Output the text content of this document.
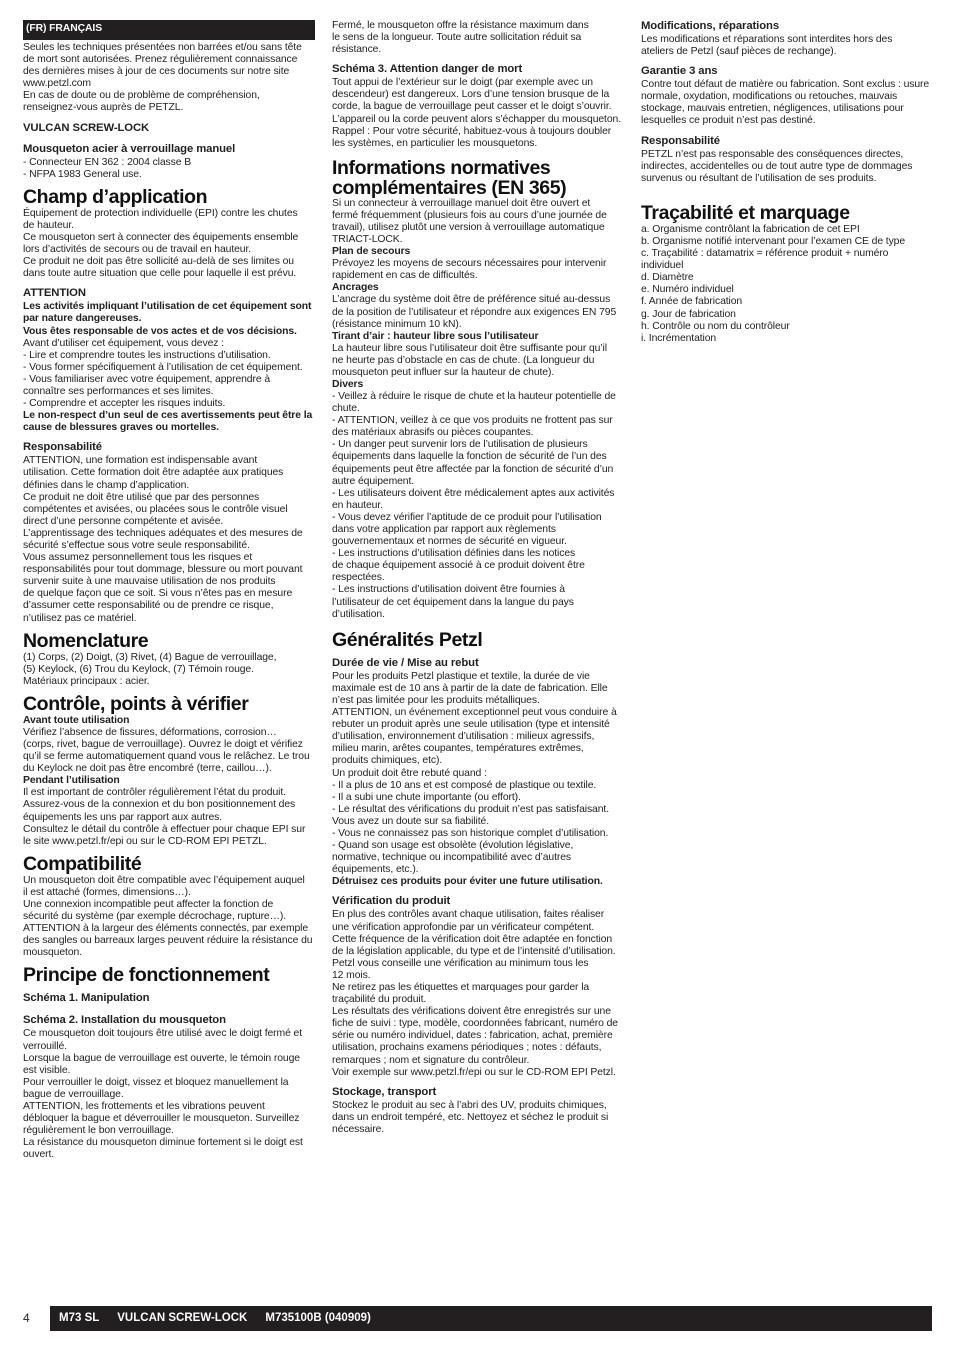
(FR) FRANÇAIS

Seules les techniques présentées non barrées et/ou sans tête
de mort sont autorisées. Prenez régulièrement connaissance
des dernières mises à jour de ces documents sur notre site
www.petzl.com
En cas de doute ou de problème de compréhension,
renseignez-vous auprès de PETZL.

VULCAN SCREW-LOCK
Mousqueton acier à verrouillage manuel

- Connecteur EN 362 : 2004 classe B
- NFPA 1983 General use.

Champ d’application

Équipement de protection individuelle (EPI) contre les chutes
de hauteur.
Ce mousqueton sert à connecter des équipements ensemble
lors d’activités de secours ou de travail en hauteur.
Ce produit ne doit pas être sollicité au-delà de ses limites ou
dans toute autre situation que celle pour laquelle il est prévu.

ATTENTION

Les activités impliquant l’utilisation de cet équipement sont
par nature dangereuses.

Vous êtes responsable de vos actes et de vos décisions.

Avant d’utiliser cet équipement, vous devez :
- Lire et comprendre toutes les instructions d’utilisation.
- Vous former spécifiquement à l’utilisation de cet équipement.
- Vous familiariser avec votre équipement, apprendre à
connaître ses performances et ses limites.
- Comprendre et accepter les risques induits.

Le non-respect d’un seul de ces avertissements peut être la
cause de blessures graves ou mortelles.

Responsabilité

ATTENTION, une formation est indispensable avant
utilisation. Cette formation doit être adaptée aux pratiques
définies dans le champ d’application.
Ce produit ne doit être utilisé que par des personnes
compétentes et avisées, ou placées sous le contrôle visuel
direct d’une personne compétente et avisée.
L’apprentissage des techniques adéquates et des mesures de
sécurité s’effectue sous votre seule responsabilité.
Vous assumez personnellement tous les risques et
responsabilités pour tout dommage, blessure ou mort pouvant
survenir suite à une mauvaise utilisation de nos produits
de quelque façon que ce soit. Si vous n’êtes pas en mesure
d’assumer cette responsabilité ou de prendre ce risque,
n’utilisez pas ce matériel.

Nomenclature

(1) Corps, (2) Doigt, (3) Rivet, (4) Bague de verrouillage,
(5) Keylock, (6) Trou du Keylock, (7) Témoin rouge.
Matériaux principaux : acier.

Contrôle, points à vérifier
Avant toute utilisation

Vérifiez l’absence de fissures, déformations, corrosion…
(corps, rivet, bague de verrouillage). Ouvrez le doigt et vérifiez
qu’il se ferme automatiquement quand vous le relâchez. Le trou
du Keylock ne doit pas être encombré (terre, caillou…).

Pendant l’utilisation

Il est important de contrôler régulièrement l’état du produit.
Assurez-vous de la connexion et du bon positionnement des
équipements les uns par rapport aux autres.
Consultez le détail du contrôle à effectuer pour chaque EPI sur
le site www.petzl.fr/epi ou sur le CD-ROM EPI PETZL.

Compatibilité

Un mousqueton doit être compatible avec l’équipement auquel
il est attaché (formes, dimensions…).
Une connexion incompatible peut affecter la fonction de
sécurité du système (par exemple décrochage, rupture…).
ATTENTION à la largeur des éléments connectés, par exemple
des sangles ou barreaux larges peuvent réduire la résistance du
mousqueton.

Principe de fonctionnement
Schéma 1. Manipulation
Schéma 2. Installation du mousqueton

Ce mousqueton doit toujours être utilisé avec le doigt fermé et
verrouillé.
Lorsque la bague de verrouillage est ouverte, le témoin rouge
est visible.
Pour verrouiller le doigt, vissez et bloquez manuellement la
bague de verrouillage.
ATTENTION, les frottements et les vibrations peuvent
débloquer la bague et déverrouiller le mousqueton. Surveillez
régulièrement le bon verrouillage.
La résistance du mousqueton diminue fortement si le doigt est
ouvert.

Fermé, le mousqueton offre la résistance maximum dans
le sens de la longueur. Toute autre sollicitation réduit sa
résistance.

Schéma 3. Attention danger de mort

Tout appui de l’extérieur sur le doigt (par exemple avec un
descendeur) est dangereux. Lors d’une tension brusque de la
corde, la bague de verrouillage peut casser et le doigt s’ouvrir.
L’appareil ou la corde peuvent alors s’échapper du mousqueton.
Rappel : Pour votre sécurité, habituez-vous à toujours doubler
les systèmes, en particulier les mousquetons.

Informations normatives
complémentaires (EN 365)

Si un connecteur à verrouillage manuel doit être ouvert et
fermé fréquemment (plusieurs fois au cours d’une journée de
travail), utilisez plutôt une version à verrouillage automatique
TRIACT-LOCK.

Plan de secours

Prévoyez les moyens de secours nécessaires pour intervenir
rapidement en cas de difficultés.

Ancrages

L’ancrage du système doit être de préférence situé au-dessus
de la position de l’utilisateur et répondre aux exigences EN 795
(résistance minimum 10 kN).

Tirant d’air : hauteur libre sous l’utilisateur

La hauteur libre sous l’utilisateur doit être suffisante pour qu’il
ne heurte pas d’obstacle en cas de chute. (La longueur du
mousqueton peut influer sur la hauteur de chute).

Divers

- Veillez à réduire le risque de chute et la hauteur potentielle de
chute.
- ATTENTION, veillez à ce que vos produits ne frottent pas sur
des matériaux abrasifs ou pièces coupantes.
- Un danger peut survenir lors de l’utilisation de plusieurs
équipements dans laquelle la fonction de sécurité de l’un des
équipements peut être affectée par la fonction de sécurité d’un
autre équipement.
- Les utilisateurs doivent être médicalement aptes aux activités
en hauteur.
- Vous devez vérifier l’aptitude de ce produit pour l’utilisation
dans votre application par rapport aux règlements
gouvernementaux et normes de sécurité en vigueur.
- Les instructions d’utilisation définies dans les notices
de chaque équipement associé à ce produit doivent être
respectées.
- Les instructions d’utilisation doivent être fournies à
l’utilisateur de cet équipement dans la langue du pays
d’utilisation.

Généralités Petzl
Durée de vie / Mise au rebut

Pour les produits Petzl plastique et textile, la durée de vie
maximale est de 10 ans à partir de la date de fabrication. Elle
n’est pas limitée pour les produits métalliques.
ATTENTION, un événement exceptionnel peut vous conduire à
rebuter un produit après une seule utilisation (type et intensité
d’utilisation, environnement d’utilisation : milieux agressifs,
milieu marin, arêtes coupantes, températures extrêmes,
produits chimiques, etc).
Un produit doit être rebuté quand :
- Il a plus de 10 ans et est composé de plastique ou textile.
- Il a subi une chute importante (ou effort).
- Le résultat des vérifications du produit n’est pas satisfaisant.
Vous avez un doute sur sa fiabilité.
- Vous ne connaissez pas son historique complet d’utilisation.
- Quand son usage est obsolète (évolution législative,
normative, technique ou incompatibilité avec d’autres
équipements, etc.).

Détruisez ces produits pour éviter une future utilisation.

Vérification du produit

En plus des contrôles avant chaque utilisation, faites réaliser
une vérification approfondie par un vérificateur compétent.
Cette fréquence de la vérification doit être adaptée en fonction
de la législation applicable, du type et de l’intensité d’utilisation.
Petzl vous conseille une vérification au minimum tous les
12 mois.
Ne retirez pas les étiquettes et marquages pour garder la
traçabilité du produit.
Les résultats des vérifications doivent être enregistrés sur une
fiche de suivi : type, modèle, coordonnées fabricant, numéro de
série ou numéro individuel, dates : fabrication, achat, première
utilisation, prochains examens périodiques ; notes : défauts,
remarques ; nom et signature du contrôleur.
Voir exemple sur www.petzl.fr/epi ou sur le CD-ROM EPI Petzl.

Stockage, transport

Stockez le produit au sec à l’abri des UV, produits chimiques,
dans un endroit tempéré, etc. Nettoyez et séchez le produit si
nécessaire.

Modifications, réparations

Les modifications et réparations sont interdites hors des
ateliers de Petzl (sauf pièces de rechange).

Garantie 3 ans

Contre tout défaut de matière ou fabrication. Sont exclus : usure
normale, oxydation, modifications ou retouches, mauvais
stockage, mauvais entretien, négligences, utilisations pour
lesquelles ce produit n’est pas destiné.

Responsabilité

PETZL n’est pas responsable des conséquences directes,
indirectes, accidentelles ou de tout autre type de dommages
survenus ou résultant de l’utilisation de ses produits.

Traçabilité et marquage

a. Organisme contrôlant la fabrication de cet EPI
b. Organisme notifié intervenant pour l’examen CE de type
c. Traçabilité : datamatrix = référence produit + numéro
individuel
d. Diamètre
e. Numéro individuel
f. Année de fabrication
g. Jour de fabrication
h. Contrôle ou nom du contrôleur
i. Incrémentation

4	M73 SL VULCAN SCREW-LOCK M735100B (040909)
